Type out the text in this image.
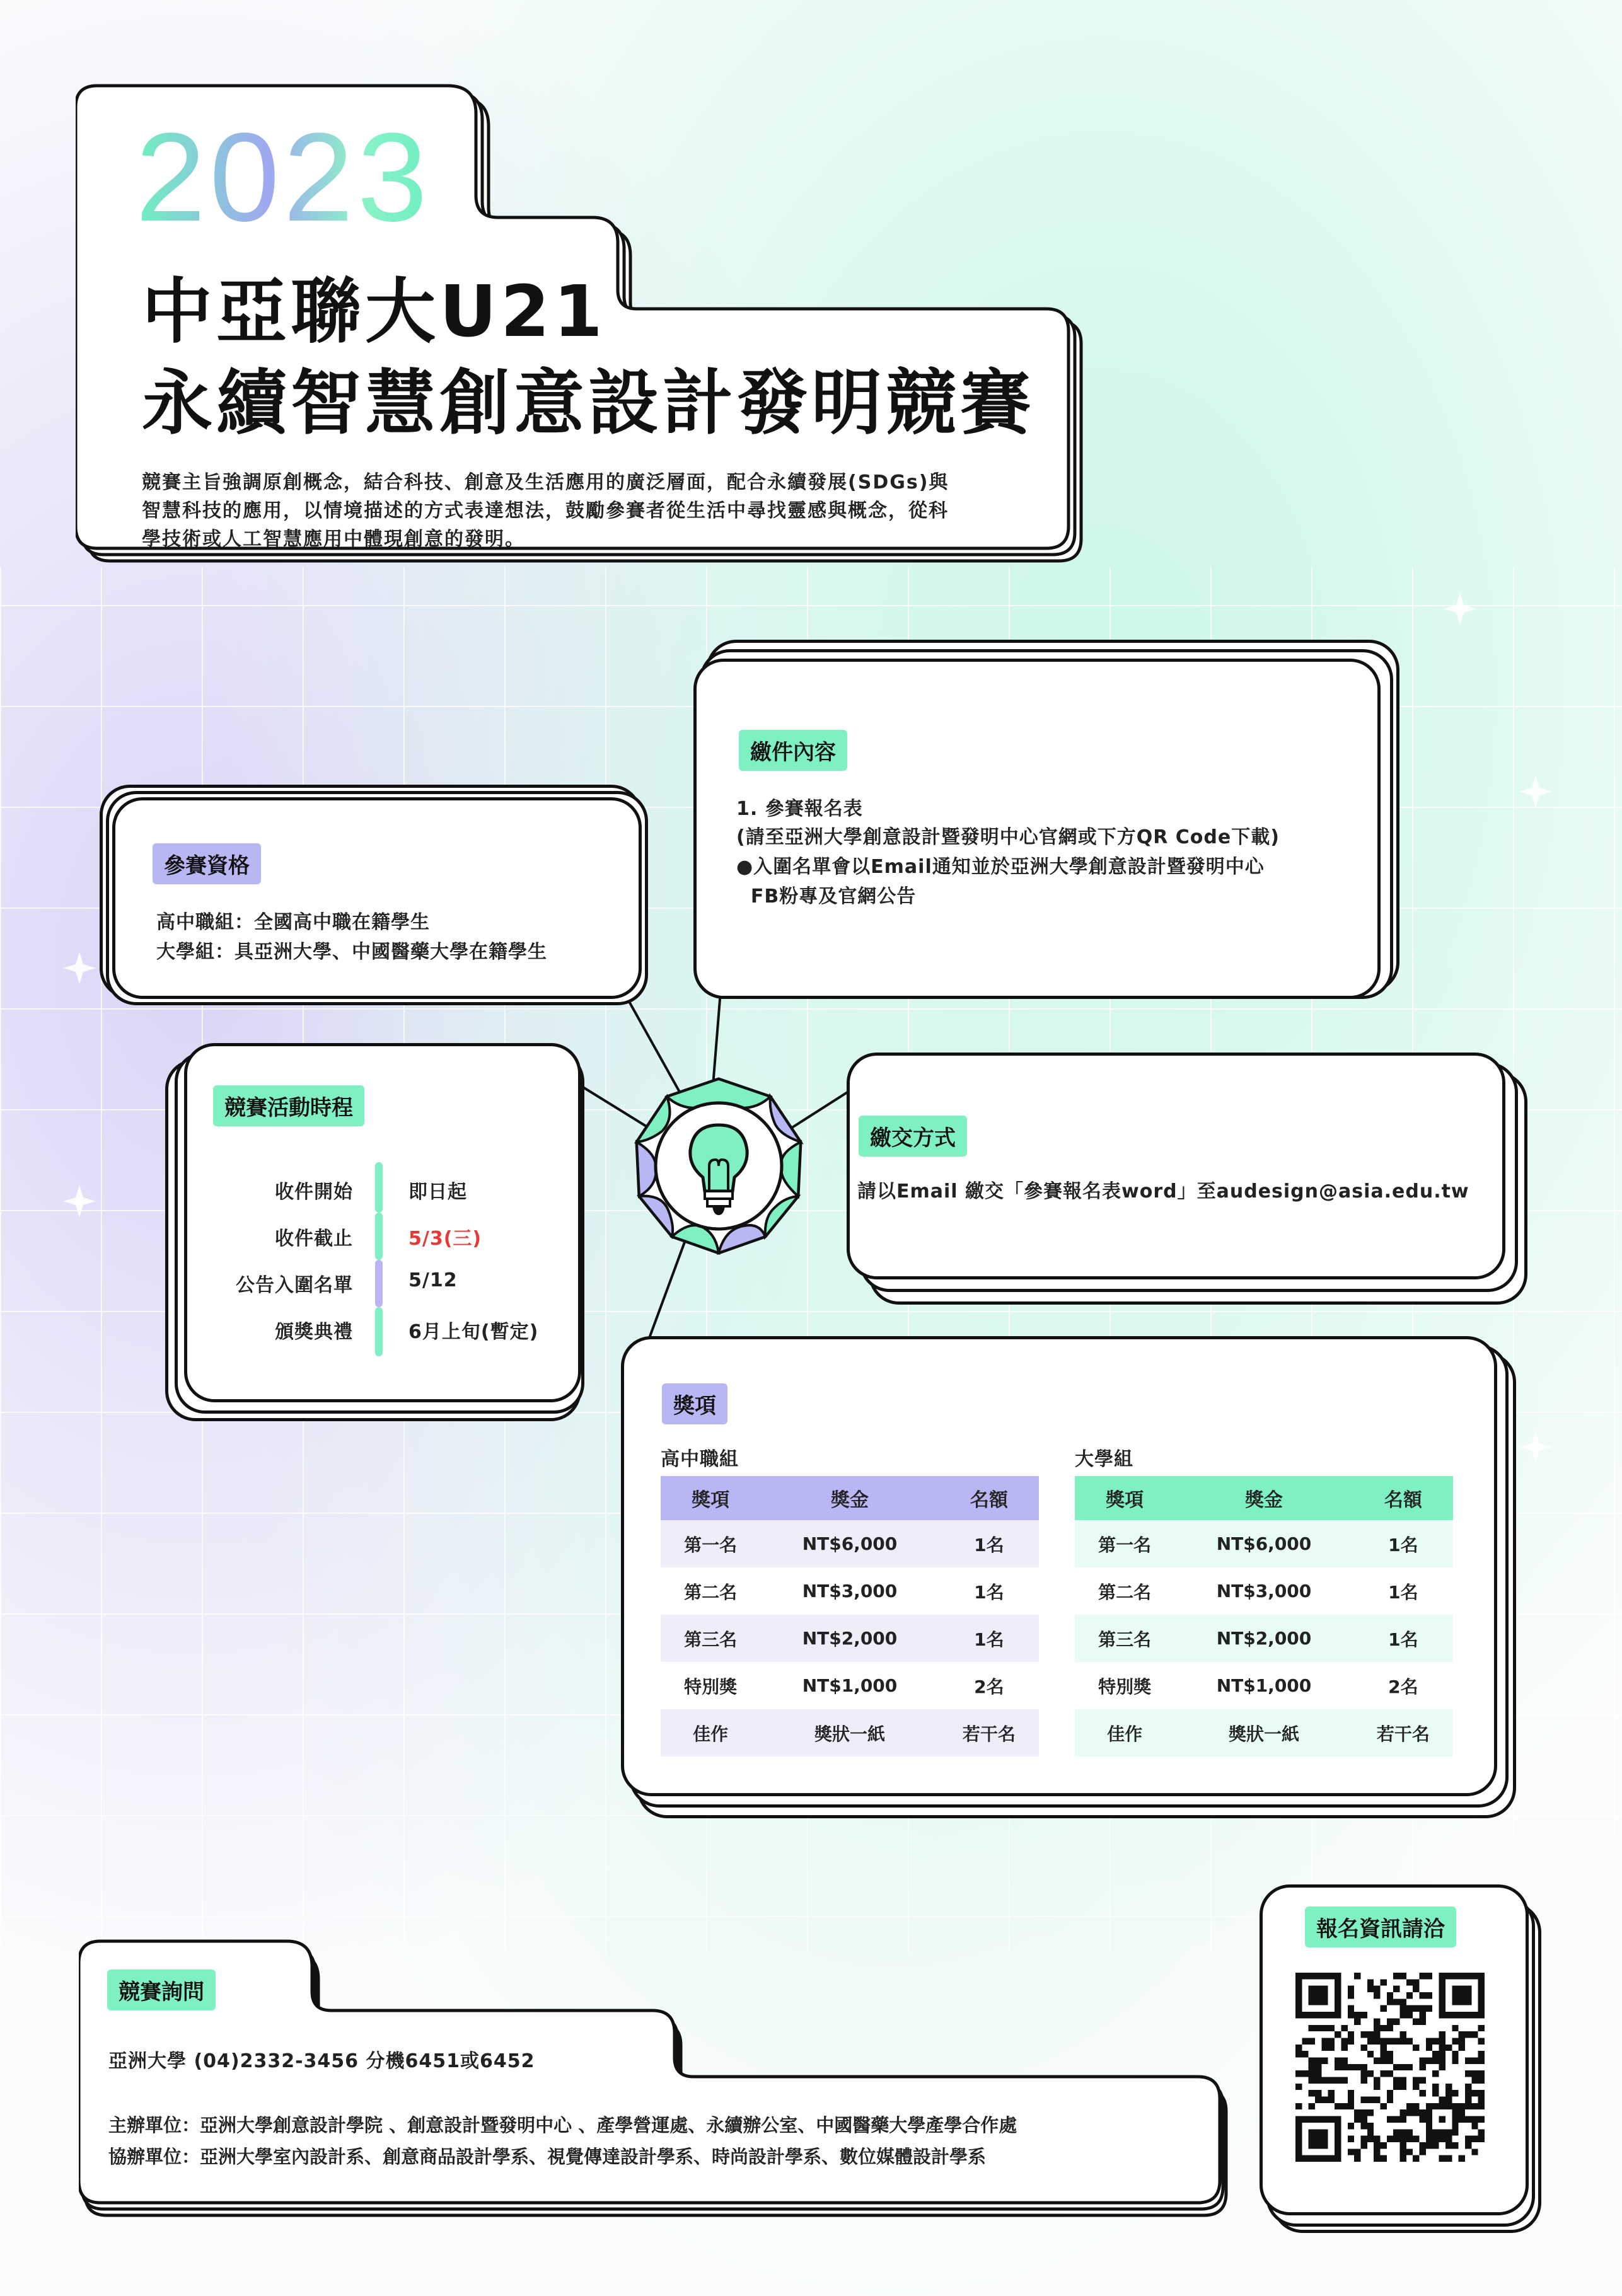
2023
中亞聯大U21
永續智慧創意設計發明競賽
競賽主旨強調原創概念，結合科技、創意及生活應用的廣泛層面，配合永續發展(SDGs)與
智慧科技的應用，以情境描述的方式表達想法，鼓勵參賽者從生活中尋找靈感與概念，從科
學技術或人工智慧應用中體現創意的發明。
參賽資格
高中職組：全國高中職在籍學生
大學組：具亞洲大學、中國醫藥大學在籍學生
繳件內容
1. 參賽報名表
(請至亞洲大學創意設計暨發明中心官網或下方QR Code下載)
●入圍名單會以Email通知並於亞洲大學創意設計暨發明中心
FB粉專及官網公告
競賽活動時程
收件開始	即日起
收件截止	5/3(三)
公告入圍名單	5/12
頒獎典禮	6月上旬(暫定)
繳交方式
請以Email 繳交「參賽報名表word」至audesign@asia.edu.tw
獎項
高中職組
獎項	獎金	名額
第一名	NT$6,000	1名
第二名	NT$3,000	1名
第三名	NT$2,000	1名
特別獎	NT$1,000	2名
佳作	獎狀一紙	若干名
大學組
獎項	獎金	名額
第一名	NT$6,000	1名
第二名	NT$3,000	1名
第三名	NT$2,000	1名
特別獎	NT$1,000	2名
佳作	獎狀一紙	若干名
競賽詢問
亞洲大學 (04)2332-3456 分機6451或6452
主辦單位：亞洲大學創意設計學院 、創意設計暨發明中心 、產學營運處、永續辦公室、中國醫藥大學產學合作處
協辦單位：亞洲大學室內設計系、創意商品設計學系、視覺傳達設計學系、時尚設計學系、數位媒體設計學系
報名資訊請洽
